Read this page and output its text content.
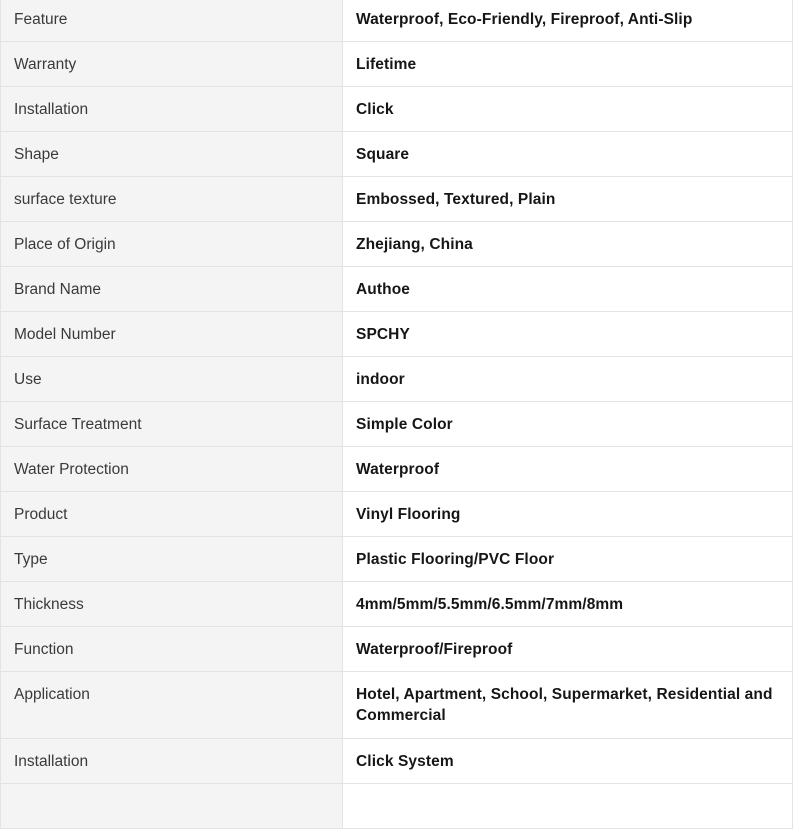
Feature	Waterproof, Eco-Friendly, Fireproof, Anti-Slip
Warranty	Lifetime
Installation	Click
Shape	Square
surface texture	Embossed, Textured, Plain
Place of Origin	Zhejiang, China
Brand Name	Authoe
Model Number	SPCHY
Use	indoor
Surface Treatment	Simple Color
Water Protection	Waterproof
Product	Vinyl Flooring
Type	Plastic Flooring/PVC Floor
Thickness	4mm/5mm/5.5mm/6.5mm/7mm/8mm
Function	Waterproof/Fireproof
Application	Hotel, Apartment, School, Supermarket, Residential and Commercial
Installation	Click System
